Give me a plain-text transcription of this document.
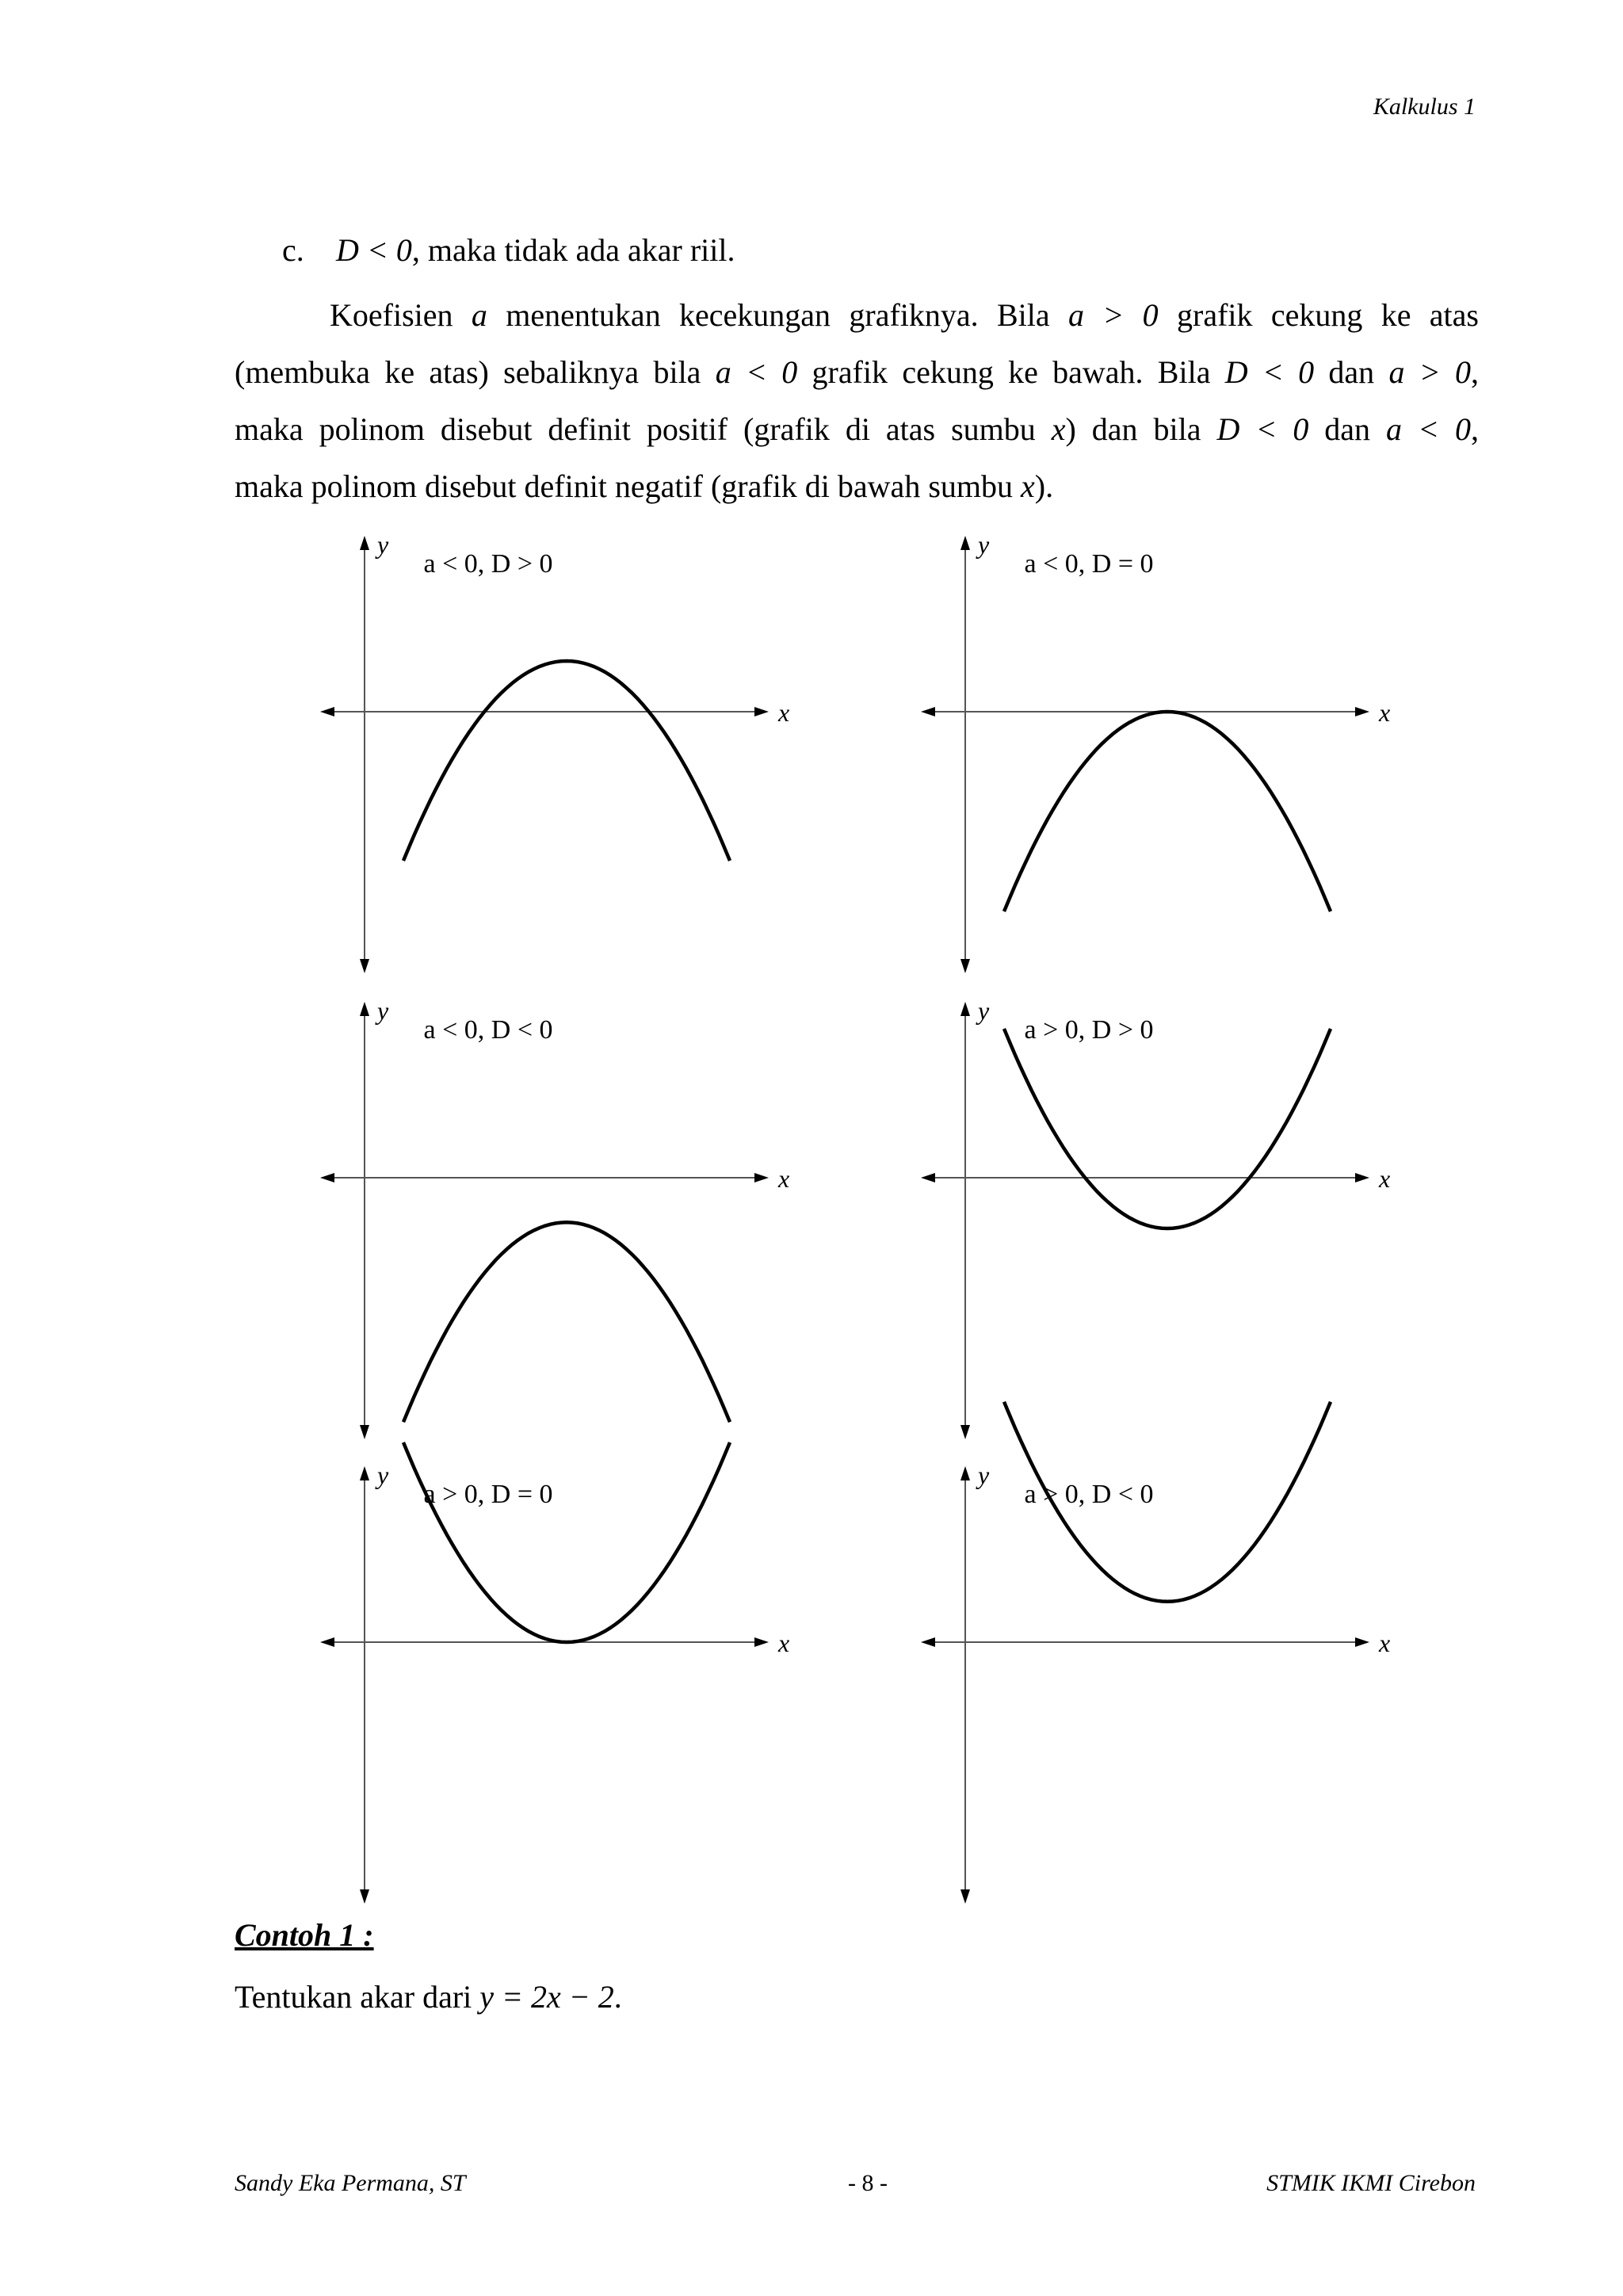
Kalkulus 1
c. D < 0, maka tidak ada akar riil.
Koefisien a menentukan kecekungan grafiknya. Bila a > 0 grafik cekung ke atas
(membuka ke atas) sebaliknya bila a < 0 grafik cekung ke bawah. Bila D < 0 dan a > 0,
maka polinom disebut definit positif (grafik di atas sumbu x) dan bila D < 0 dan a < 0,
maka polinom disebut definit negatif (grafik di bawah sumbu x).
y
x
a < 0, D > 0
y
x
a < 0, D = 0
y
x
a < 0, D < 0
y
x
a > 0, D > 0
y
x
a > 0, D = 0
y
x
a > 0, D < 0
Contoh 1 :
Tentukan akar dari y = 2x − 2.
Sandy Eka Permana, ST	- 8 -	STMIK IKMI Cirebon
